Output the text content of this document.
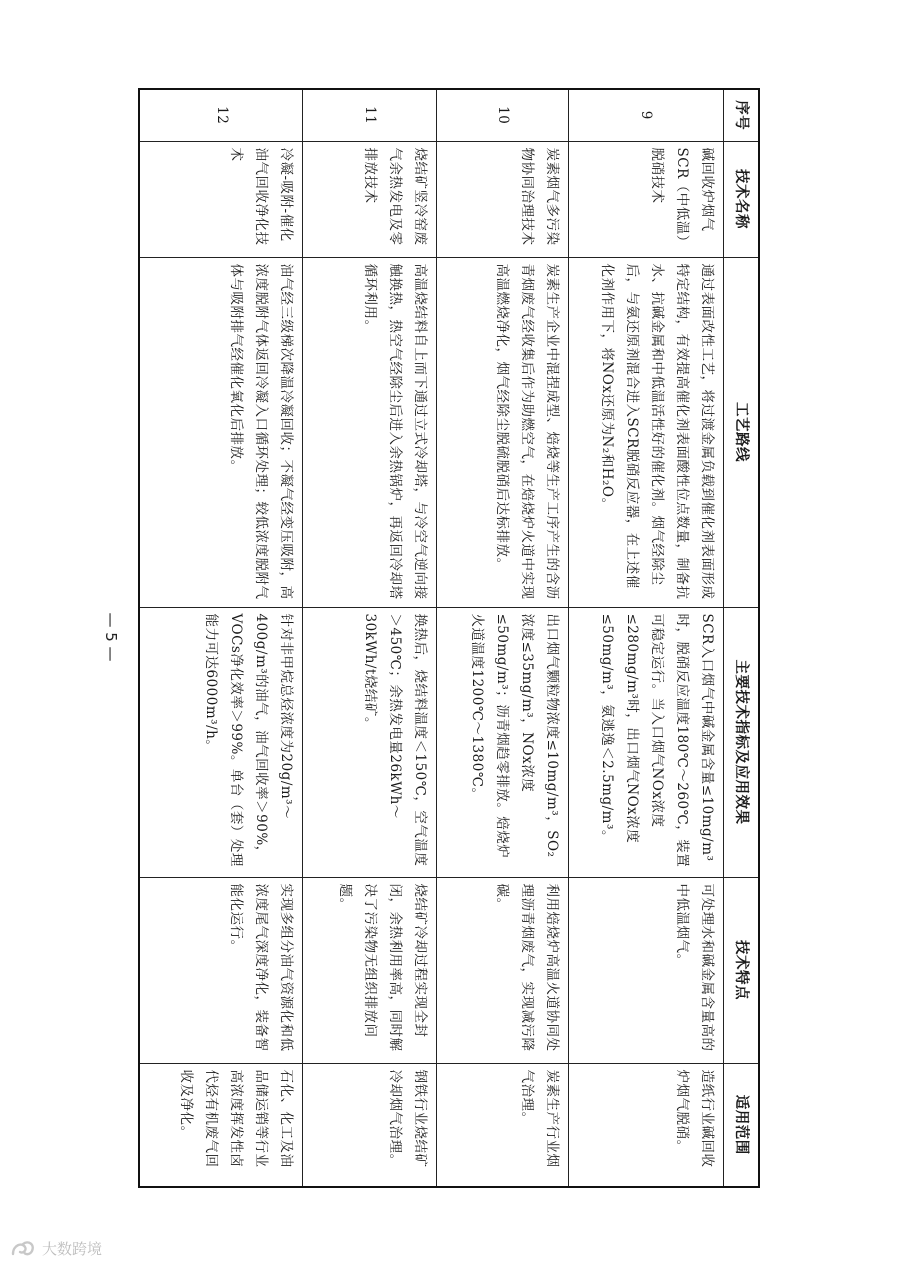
序号	技术名称	工艺路线	主要技术指标及应用效果	技术特点	适用范围
9	碱回收炉烟气SCR（中低温）脱硝技术	通过表面改性工艺，将过渡金属负载到催化剂表面形成特定结构，有效提高催化剂表面酸性位点数量，制备抗水、抗碱金属和中低温活性好的催化剂。烟气经除尘后，与氨还原剂混合进入SCR脱硝反应器，在上述催化剂作用下，将NOx还原为N₂和H₂O。	SCR入口烟气中碱金属含量≤10mg/m³时，脱硝反应温度180℃～260℃，装置可稳定运行。当入口烟气NOx浓度≤280mg/m³时，出口烟气NOx浓度≤50mg/m³，氨逃逸＜2.5mg/m³。	可处理水和碱金属含量高的中低温烟气。	造纸行业碱回收炉烟气脱硝。
10	炭素烟气多污染物协同治理技术	炭素生产企业中混捏成型、焙烧等生产工序产生的含沥青烟废气经收集后作为助燃空气，在焙烧炉火道中实现高温燃烧净化，烟气经除尘脱硫脱硝后达标排放。	出口烟气颗粒物浓度≤10mg/m³，SO₂浓度≤35mg/m³，NOx浓度≤50mg/m³；沥青烟趋零排放。焙烧炉火道温度1200℃～1380℃。	利用焙烧炉高温火道协同处理沥青烟废气，实现减污降碳。	炭素生产行业烟气治理。
11	烧结矿竖冷窑废气余热发电及零排放技术	高温烧结料自上而下通过立式冷却塔，与冷空气逆向接触换热，热空气经除尘后进入余热锅炉，再返回冷却塔循环利用。	换热后，烧结料温度＜150℃，空气温度＞450℃；余热发电量26kWh～30kWh/t烧结矿。	烧结矿冷却过程实现全封闭，余热利用率高，同时解决了污染物无组织排放问题。	钢铁行业烧结矿冷却烟气治理。
12	冷凝-吸附-催化油气回收净化技术	油气经三级梯次降温冷凝回收；不凝气经变压吸附，高浓度脱附气体返回冷凝入口循环处理；较低浓度脱附气体与吸附排气经催化氧化后排放。	针对非甲烷总烃浓度为20g/m³～400g/m³的油气，油气回收率＞90%，VOCs净化效率＞99%。单台（套）处理能力可达6000m³/h。	实现多组分油气资源化和低浓度尾气深度净化，装备智能化运行。	石化、化工及油品储运销等行业高浓度挥发性卤代烃有机废气回收及净化。
— 5 —
大数跨境
